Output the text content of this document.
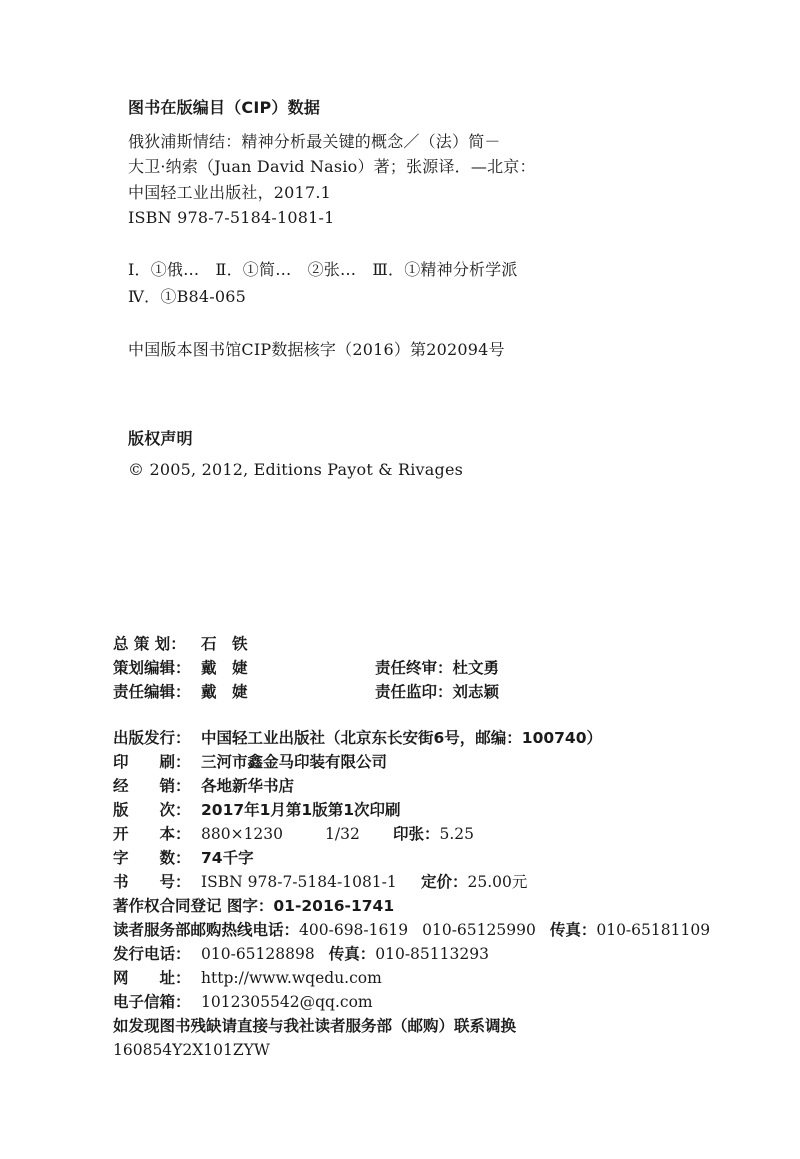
图书在版编目（CIP）数据
俄狄浦斯情结：精神分析最关键的概念／（法）简－
大卫·纳索（Juan David Nasio）著；张源译．—北京：
中国轻工业出版社，2017.1
ISBN 978-7-5184-1081-1
Ⅰ．①俄…　Ⅱ．①简…　②张…　Ⅲ．①精神分析学派
Ⅳ．①B84-065
中国版本图书馆CIP数据核字（2016）第202094号
版权声明
© 2005, 2012, Editions Payot & Rivages
总 策 划： 石　铁
策划编辑： 戴　婕	责任终审：杜文勇
责任编辑： 戴　婕	责任监印：刘志颖
出版发行： 中国轻工业出版社（北京东长安街6号，邮编：100740）
印　　刷： 三河市鑫金马印装有限公司
经　　销： 各地新华书店
版　　次： 2017年1月第1版第1次印刷
开　　本： 880×1230	1/32 印张：5.25
字　　数： 74千字
书　　号： ISBN 978-7-5184-1081-1 定价：25.00元
著作权合同登记 图字：01-2016-1741
读者服务部邮购热线电话：400-698-1619 010-65125990 传真：010-65181109
发行电话： 010-65128898 传真：010-85113293
网　　址： http://www.wqedu.com
电子信箱： 1012305542@qq.com
如发现图书残缺请直接与我社读者服务部（邮购）联系调换
160854Y2X101ZYW
